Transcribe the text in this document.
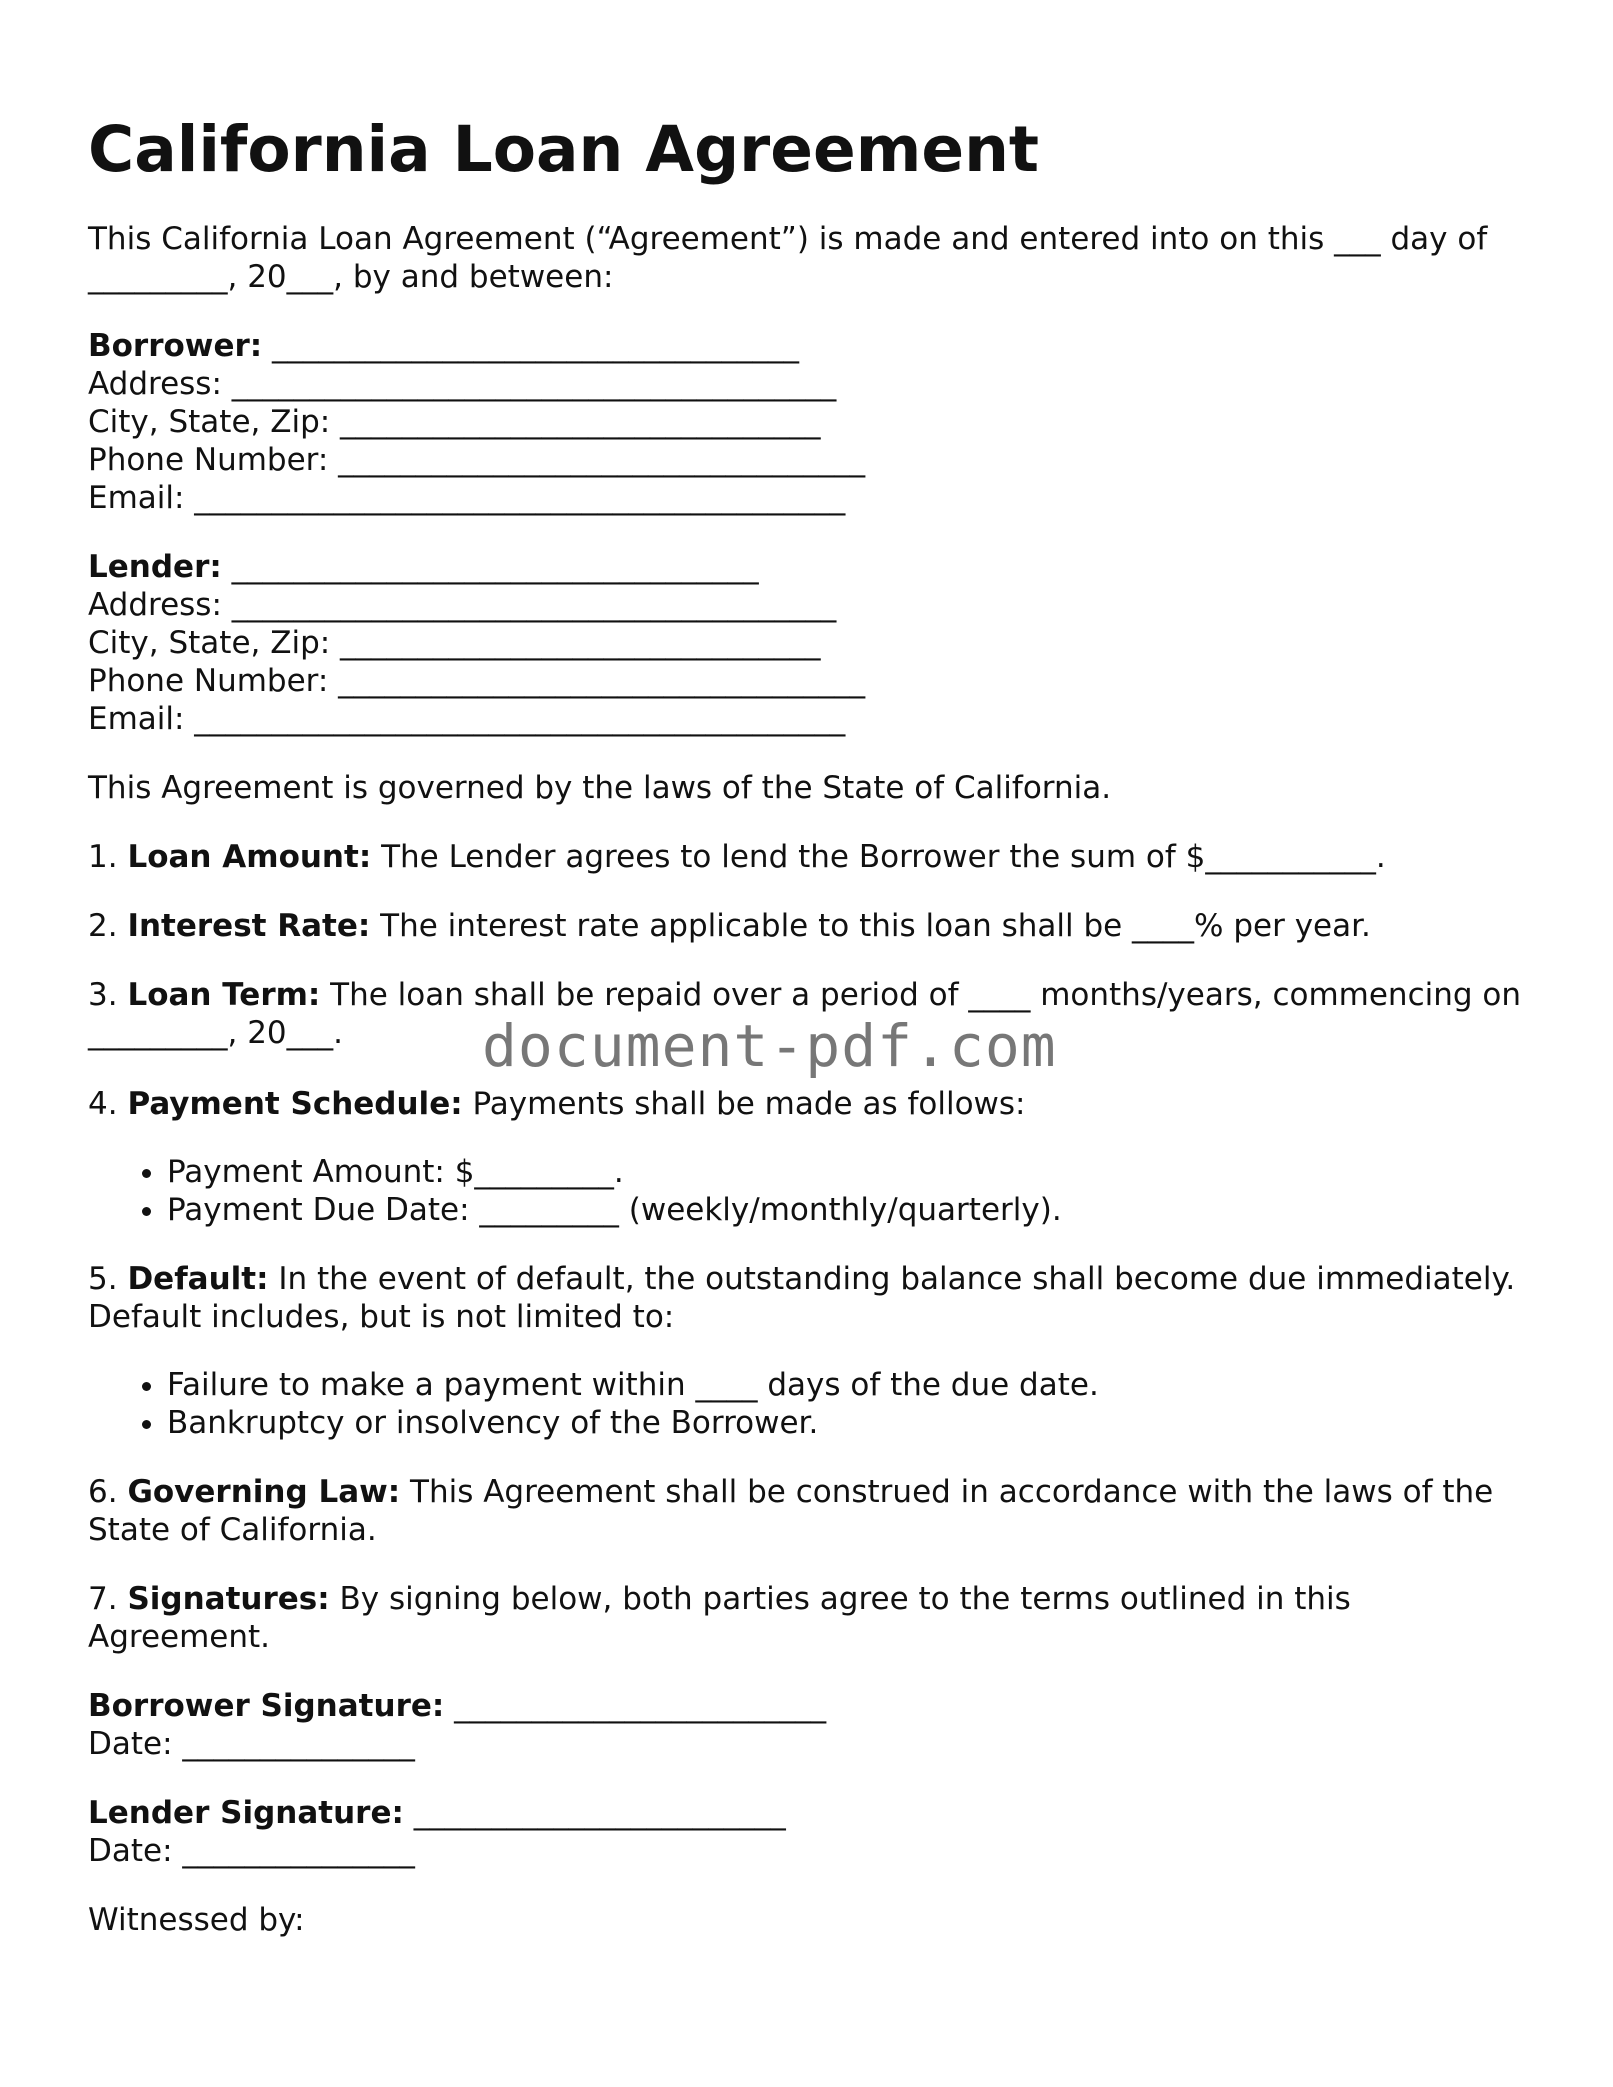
California Loan Agreement

This California Loan Agreement (“Agreement”) is made and entered into on this ___ day of _________, 20___, by and between:

Borrower: __________________________________
Address: _______________________________________
City, State, Zip: _______________________________
Phone Number: __________________________________
Email: __________________________________________
Lender: __________________________________
Address: _______________________________________
City, State, Zip: _______________________________
Phone Number: __________________________________
Email: __________________________________________

This Agreement is governed by the laws of the State of California.

1. Loan Amount: The Lender agrees to lend the Borrower the sum of $___________.

2. Interest Rate: The interest rate applicable to this loan shall be ____% per year.

3. Loan Term: The loan shall be repaid over a period of ____ months/years, commencing on _________, 20___.

4. Payment Schedule: Payments shall be made as follows:

• Payment Amount: $_________.
• Payment Due Date: _________ (weekly/monthly/quarterly).

5. Default: In the event of default, the outstanding balance shall become due immediately. Default includes, but is not limited to:

• Failure to make a payment within ____ days of the due date.
• Bankruptcy or insolvency of the Borrower.

6. Governing Law: This Agreement shall be construed in accordance with the laws of the State of California.

7. Signatures: By signing below, both parties agree to the terms outlined in this Agreement.

Borrower Signature: ________________________
Date: _______________
Lender Signature: ________________________
Date: _______________

Witnessed by:

document-pdf.com
